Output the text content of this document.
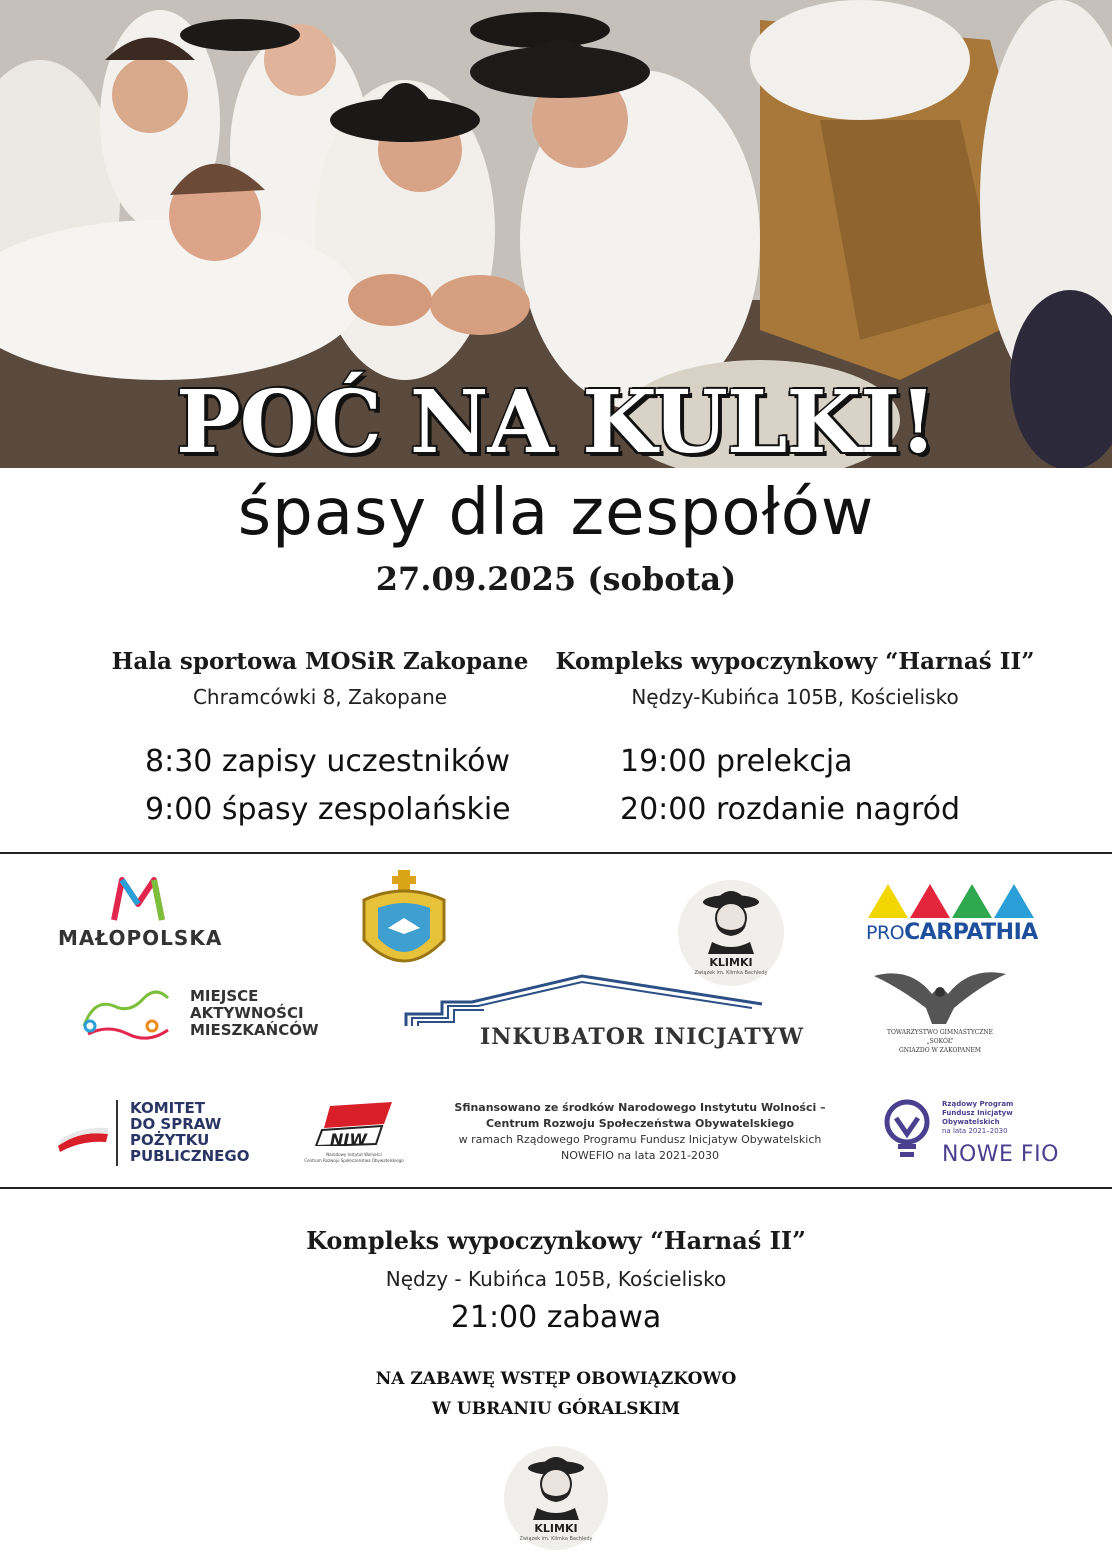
POĆ NA KULKI!
śpasy dla zespołów
27.09.2025 (sobota)
Hala sportowa MOSiR Zakopane
Chramcówki 8, Zakopane
Kompleks wypoczynkowy “Harnaś II”
Nędzy-Kubińca 105B, Kościelisko
8:30 zapisy uczestników
9:00 śpasy zespolańskie
19:00 prelekcja
20:00 rozdanie nagród
MAŁOPOLSKA
KLIMKI
Związek im. Klimka Bachledy
PROCARPATHIA
MIEJSCE
AKTYWNOŚCI
MIESZKAŃCÓW	INKUBATOR INICJATYW	TOWARZYSTWO GIMNASTYCZNE
„SOKÓŁ”
GNIAZDO W ZAKOPANEM
KOMITET
DO SPRAW
POŻYTKU
PUBLICZNEGO
NIW
Narodowy Instytut Wolności
Centrum Rozwoju Społeczeństwa Obywatelskiego
Sfinansowano ze środków Narodowego Instytutu Wolności –
Centrum Rozwoju Społeczeństwa Obywatelskiego
w ramach Rządowego Programu Fundusz Inicjatyw Obywatelskich
NOWEFIO na lata 2021-2030
Rządowy Program
Fundusz Inicjatyw
Obywatelskich
na lata 2021–2030
NOWE FIO
Kompleks wypoczynkowy “Harnaś II”
Nędzy - Kubińca 105B, Kościelisko
21:00 zabawa
NA ZABAWĘ WSTĘP OBOWIĄZKOWO
W UBRANIU GÓRALSKIM
KLIMKI
Związek im. Klimka Bachledy
